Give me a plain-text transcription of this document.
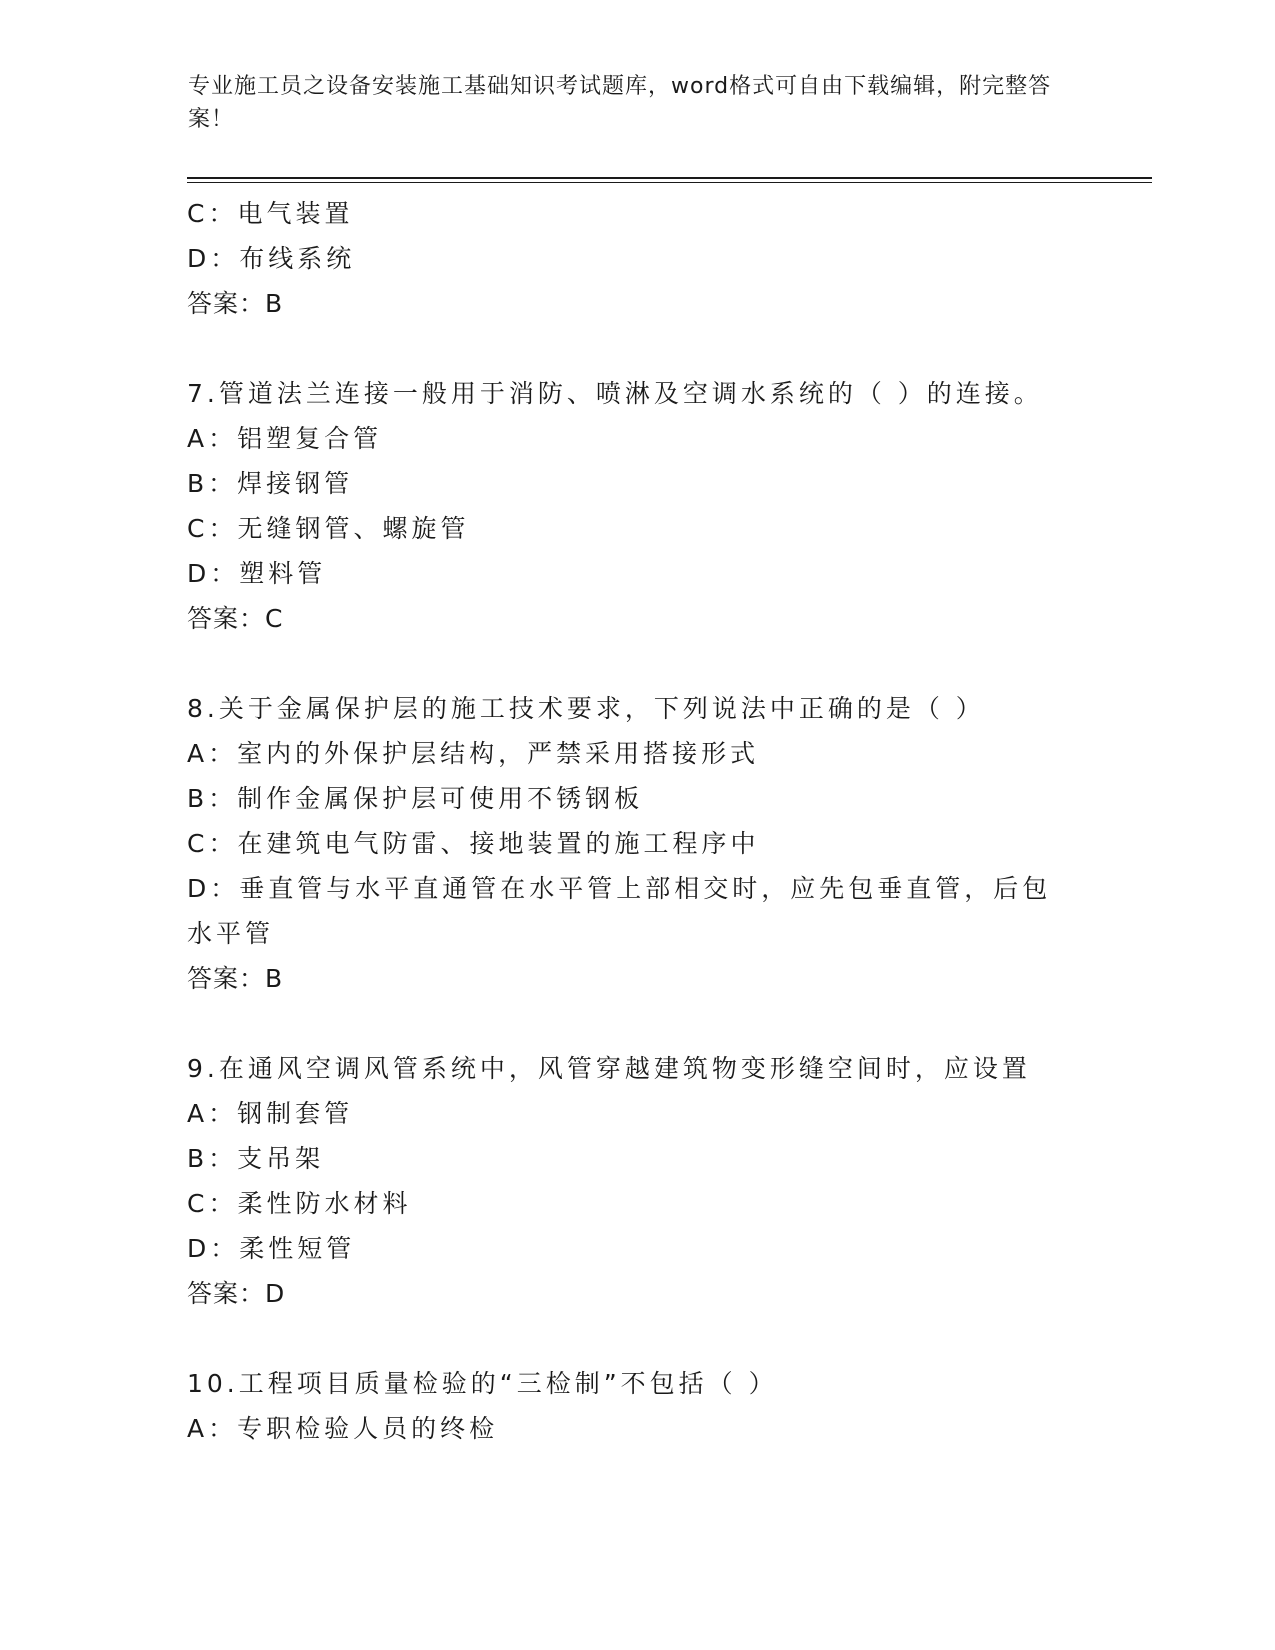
专业施工员之设备安装施工基础知识考试题库，word格式可自由下载编辑，附完整答案！
C：电气装置
D：布线系统
答案：B
7.管道法兰连接一般用于消防、喷淋及空调水系统的（ ）的连接。
A：铝塑复合管
B：焊接钢管
C：无缝钢管、螺旋管
D：塑料管
答案：C
8.关于金属保护层的施工技术要求，下列说法中正确的是（ ）
A：室内的外保护层结构，严禁采用搭接形式
B：制作金属保护层可使用不锈钢板
C：在建筑电气防雷、接地装置的施工程序中
D：垂直管与水平直通管在水平管上部相交时，应先包垂直管，后包水平管
答案：B
9.在通风空调风管系统中，风管穿越建筑物变形缝空间时，应设置
A：钢制套管
B：支吊架
C：柔性防水材料
D：柔性短管
答案：D
10.工程项目质量检验的“三检制”不包括（ ）
A：专职检验人员的终检
